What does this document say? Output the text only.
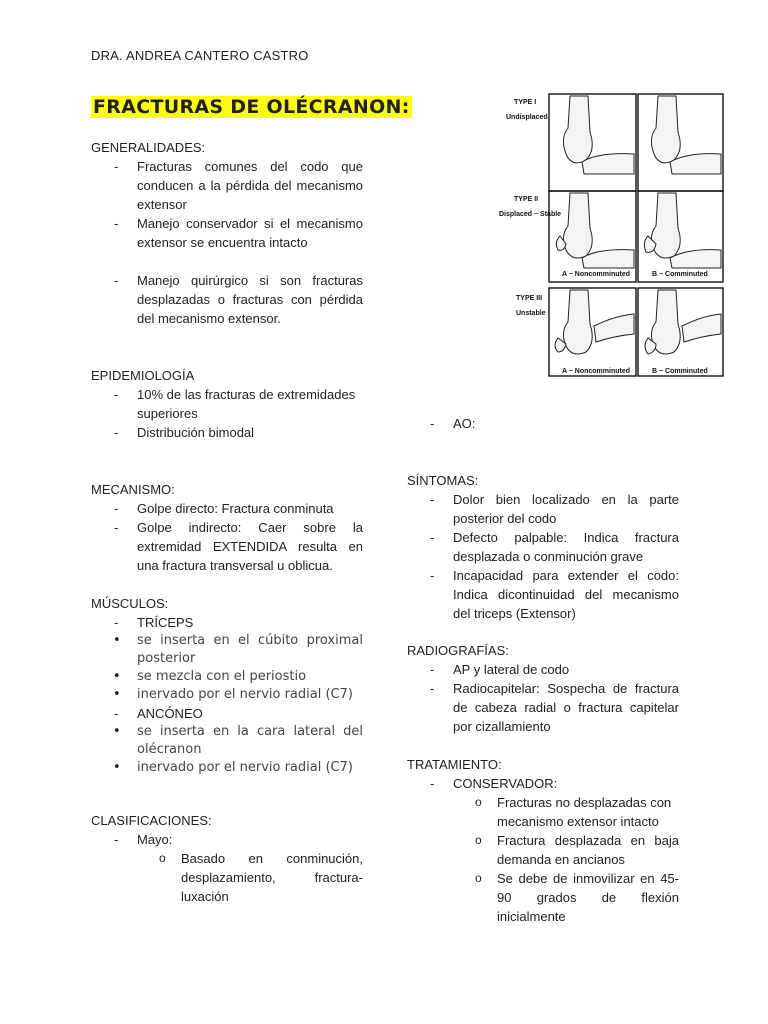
DRA. ANDREA CANTERO CASTRO
FRACTURAS DE OLÉCRANON:
GENERALIDADES:
- Fracturas comunes del codo que conducen a la pérdida del mecanismo extensor
- Manejo conservador si el mecanismo extensor se encuentra intacto
- Manejo quirúrgico si son fracturas desplazadas o fracturas con pérdida del mecanismo extensor.
EPIDEMIOLOGÍA
- 10% de las fracturas de extremidades superiores
- Distribución bimodal
MECANISMO:
- Golpe directo: Fractura conminuta
- Golpe indirecto: Caer sobre la extremidad EXTENDIDA resulta en una fractura transversal u oblicua.
MÚSCULOS:
- TRÍCEPS
• se inserta en el cúbito proximal posterior
• se mezcla con el periostio
• inervado por el nervio radial (C7)
- ANCÓNEO
• se inserta en la cara lateral del olécranon
• inervado por el nervio radial (C7)
CLASIFICACIONES:
- Mayo:
o Basado en conminución, desplazamiento, fractura-luxación
TYPE I
Undisplaced
TYPE II
Displaced − Stable
TYPE III
Unstable
A − Noncomminuted	B − Comminuted
A − Noncomminuted	B − Comminuted
- AO:
SÍNTOMAS:
- Dolor bien localizado en la parte posterior del codo
- Defecto palpable: Indica fractura desplazada o conminución grave
- Incapacidad para extender el codo: Indica dicontinuidad del mecanismo del triceps (Extensor)
RADIOGRAFÍAS:
- AP y lateral de codo
- Radiocapitelar: Sospecha de fractura de cabeza radial o fractura capitelar por cizallamiento
TRATAMIENTO:
- CONSERVADOR:
o Fracturas no desplazadas con mecanismo extensor intacto
o Fractura desplazada en baja demanda en ancianos
o Se debe de inmovilizar en 45-90 grados de flexión inicialmente
